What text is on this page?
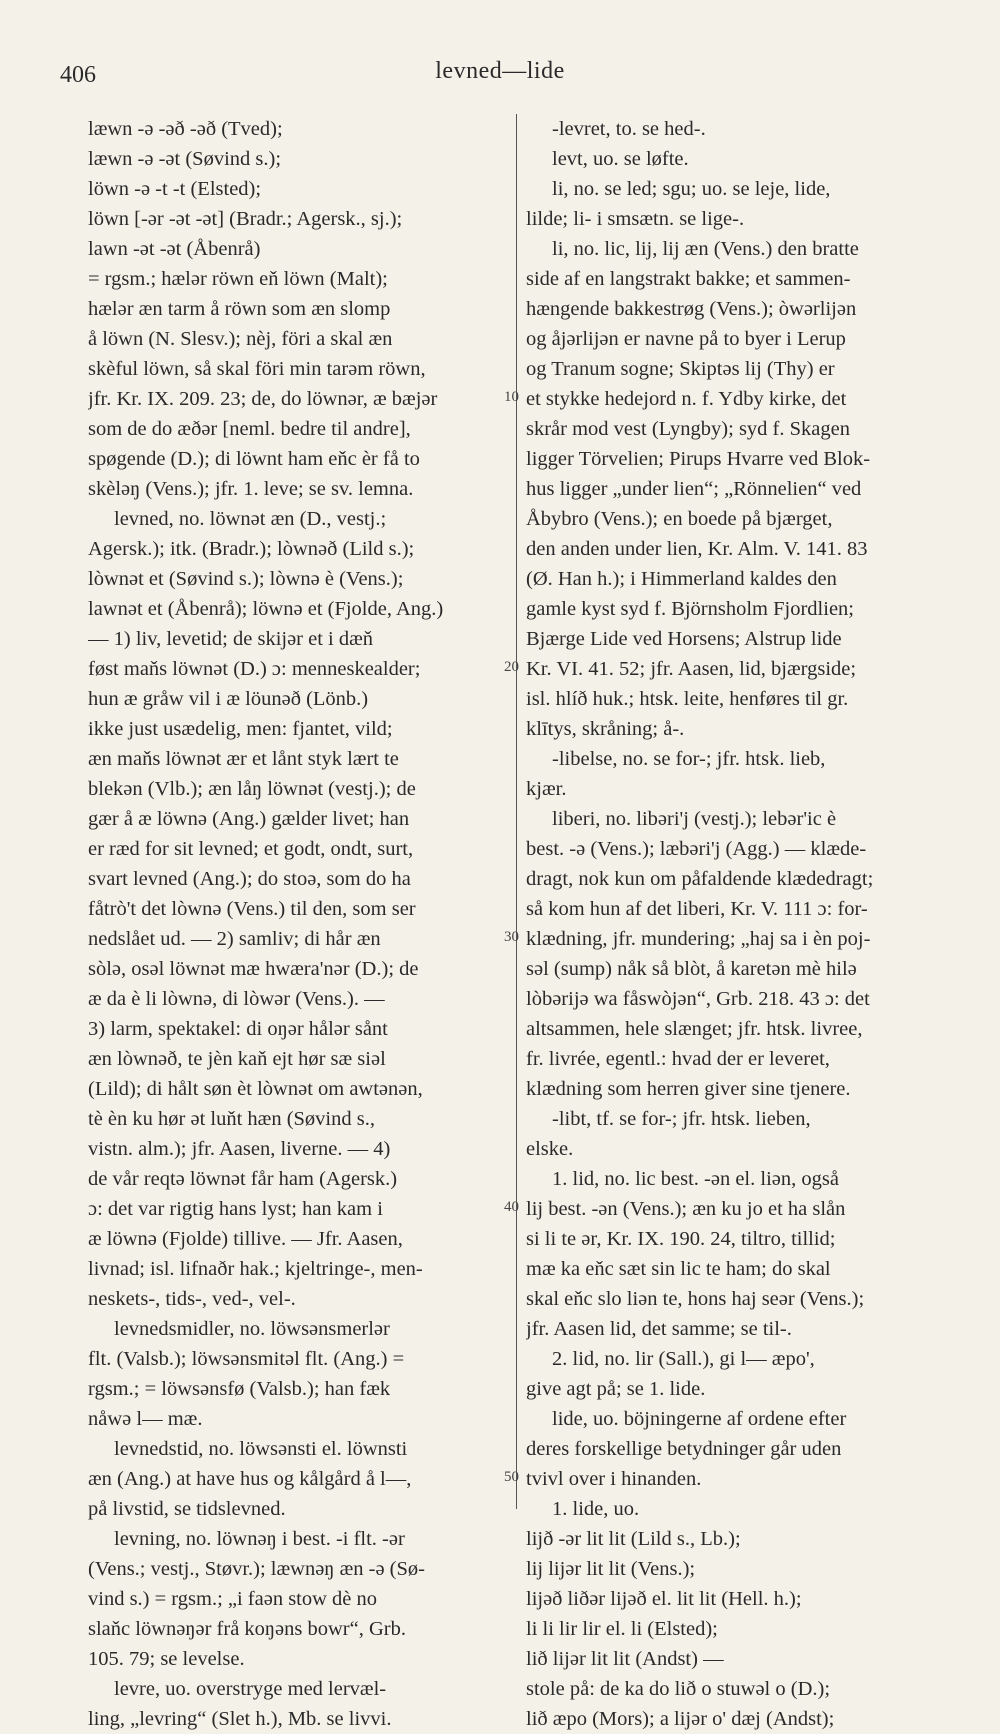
406	levned—lide
læwn -ə -əð -əð (Tved);
læwn -ə -ət (Søvind s.);
löwn -ə -t -t (Elsted);
löwn [-ər -ət -ət] (Bradr.; Agersk., sj.);
lawn -ət -ət (Åbenrå)
= rgsm.; hælər röwn eň löwn (Malt);
hælər æn tarm å röwn som æn slomp
å löwn (N. Slesv.); nèj, föri a skal æn
skèful löwn, så skal föri min tarəm röwn,
jfr. Kr. IX. 209. 23; de, do löwnər, æ bæjər
som de do æðər [neml. bedre til andre],
spøgende (D.); di löwnt ham eňc èr få to
skèləŋ (Vens.); jfr. 1. leve; se sv. lemna.
levned, no. löwnət æn (D., vestj.;
Agersk.); itk. (Bradr.); lòwnəð (Lild s.);
lòwnət et (Søvind s.); lòwnə è (Vens.);
lawnət et (Åbenrå); löwnə et (Fjolde, Ang.)
— 1) liv, levetid; de skijər et i dæň
føst maňs löwnət (D.) ɔ: menneskealder;
hun æ gråw vil i æ löunəð (Lönb.)
ikke just usædelig, men: fjantet, vild;
æn maňs löwnət ær et lånt styk lært te
blekən (Vlb.); æn låŋ löwnət (vestj.); de
gær å æ löwnə (Ang.) gælder livet; han
er ræd for sit levned; et godt, ondt, surt,
svart levned (Ang.); do stoə, som do ha
fåtrò't det lòwnə (Vens.) til den, som ser
nedslået ud. — 2) samliv; di hår æn
sòlə, osəl löwnət mæ hwæra'nər (D.); de
æ da è li lòwnə, di lòwər (Vens.). —
3) larm, spektakel: di oŋər hålər sånt
æn lòwnəð, te jèn kaň ejt hør sæ siəl
(Lild); di hålt søn èt lòwnət om awtənən,
tè èn ku hør ət luňt hæn (Søvind s.,
vistn. alm.); jfr. Aasen, liverne. — 4)
de vår reqtə löwnət får ham (Agersk.)
ɔ: det var rigtig hans lyst; han kam i
æ löwnə (Fjolde) tillive. — Jfr. Aasen,
livnad; isl. lifnaðr hak.; kjeltringe-, men-
neskets-, tids-, ved-, vel-.
levnedsmidler, no. löwsənsmerlər
flt. (Valsb.); löwsənsmitəl flt. (Ang.) =
rgsm.; = löwsənsfø (Valsb.); han fæk
nåwə l— mæ.
levnedstid, no. löwsənsti el. löwnsti
æn (Ang.) at have hus og kålgård å l—,
på livstid, se tidslevned.
levning, no. löwnəŋ i best. -i flt. -ər
(Vens.; vestj., Støvr.); læwnəŋ æn -ə (Sø-
vind s.) = rgsm.; „i faən stow dè no
slaňc löwnəŋər frå koŋəns bowr“, Grb.
105. 79; se levelse.
levre, uo. overstryge med lervæl-
ling, „levring“ (Slet h.), Mb. se livvi.
-levret, to. se hed-.
levt, uo. se løfte.
li, no. se led; sgu; uo. se leje, lide,
lilde; li- i smsætn. se lige-.
li, no. lic, lij, lij æn (Vens.) den bratte
side af en langstrakt bakke; et sammen-
hængende bakkestrøg (Vens.); òwərlijən
og åjərlijən er navne på to byer i Lerup
og Tranum sogne; Skiptəs lij (Thy) er
et stykke hedejord n. f. Ydby kirke, det
skrår mod vest (Lyngby); syd f. Skagen
ligger Törvelien; Pirups Hvarre ved Blok-
hus ligger „under lien“; „Rönnelien“ ved
Åbybro (Vens.); en boede på bjærget,
den anden under lien, Kr. Alm. V. 141. 83
(Ø. Han h.); i Himmerland kaldes den
gamle kyst syd f. Björnsholm Fjordlien;
Bjærge Lide ved Horsens; Alstrup lide
Kr. VI. 41. 52; jfr. Aasen, lid, bjærgside;
isl. hlíð huk.; htsk. leite, henføres til gr.
klītys, skråning; å-.
-libelse, no. se for-; jfr. htsk. lieb,
kjær.
liberi, no. libəri'j (vestj.); lebər'ic è
best. -ə (Vens.); læbəri'j (Agg.) — klæde-
dragt, nok kun om påfaldende klædedragt;
så kom hun af det liberi, Kr. V. 111 ɔ: for-
klædning, jfr. mundering; „haj sa i èn poj-
səl (sump) nåk så blòt, å karetən mè hilə
lòbərijə wa fåswòjən“, Grb. 218. 43 ɔ: det
altsammen, hele slænget; jfr. htsk. livree,
fr. livrée, egentl.: hvad der er leveret,
klædning som herren giver sine tjenere.
-libt, tf. se for-; jfr. htsk. lieben,
elske.
1. lid, no. lic best. -ən el. liən, også
lij best. -ən (Vens.); æn ku jo et ha slån
si li te ər, Kr. IX. 190. 24, tiltro, tillid;
mæ ka eňc sæt sin lic te ham; do skal
skal eňc slo liən te, hons haj seər (Vens.);
jfr. Aasen lid, det samme; se til-.
2. lid, no. lir (Sall.), gi l— æpo',
give agt på; se 1. lide.
lide, uo. böjningerne af ordene efter
deres forskellige betydninger går uden
tvivl over i hinanden.
1. lide, uo.
lijð -ər lit lit (Lild s., Lb.);
lij lijər lit lit (Vens.);
lijəð liðər lijəð el. lit lit (Hell. h.);
li li lir lir el. li (Elsted);
lið lijər lit lit (Andst) —
stole på: de ka do lið o stuwəl o (D.);
lið æpo (Mors); a lijər o' dæj (Andst);
10
20
30
40
50
